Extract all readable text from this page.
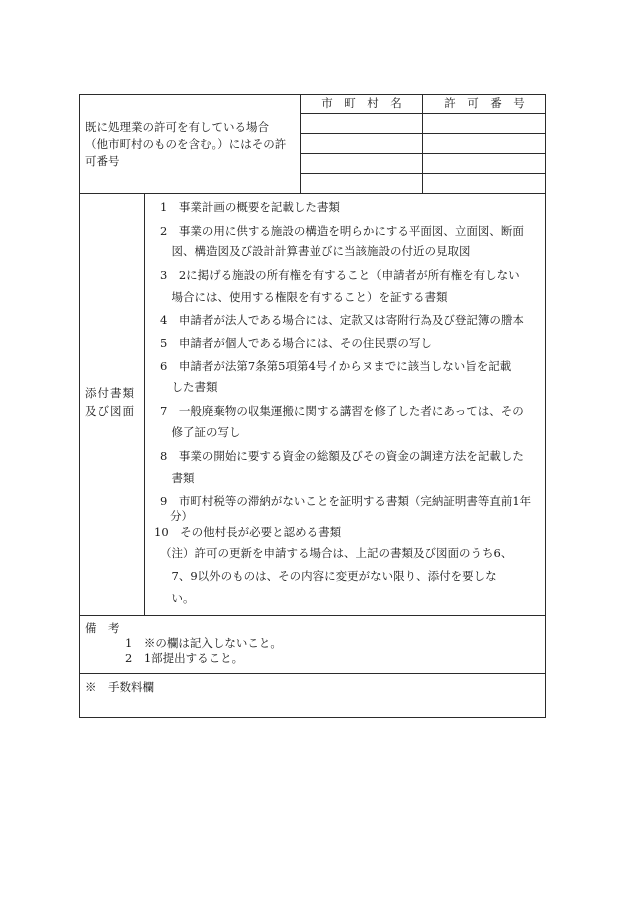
既に処理業の許可を有している場合
（他市町村のものを含む。）にはその許
可番号
市　町　村　名	許　可　番　号
添付書類
及び図面
1　事業計画の概要を記載した書類
2　事業の用に供する施設の構造を明らかにする平面図、立面図、断面
　図、構造図及び設計計算書並びに当該施設の付近の見取図
3　2に掲げる施設の所有権を有すること（申請者が所有権を有しない
　場合には、使用する権限を有すること）を証する書類
4　申請者が法人である場合には、定款又は寄附行為及び登記簿の謄本
5　申請者が個人である場合には、その住民票の写し
6　申請者が法第7条第5項第4号イからヌまでに該当しない旨を記載
　した書類
7　一般廃棄物の収集運搬に関する講習を修了した者にあっては、その
　修了証の写し
8　事業の開始に要する資金の総額及びその資金の調達方法を記載した
　書類
9　市町村税等の滞納がないことを証明する書類（完納証明書等直前1年
分）
10　その他村長が必要と認める書類
（注）許可の更新を申請する場合は、上記の書類及び図面のうち6、
　7、9以外のものは、その内容に変更がない限り、添付を要しな
　い。
備　考
1　※の欄は記入しないこと。
2　1部提出すること。
※　手数料欄
